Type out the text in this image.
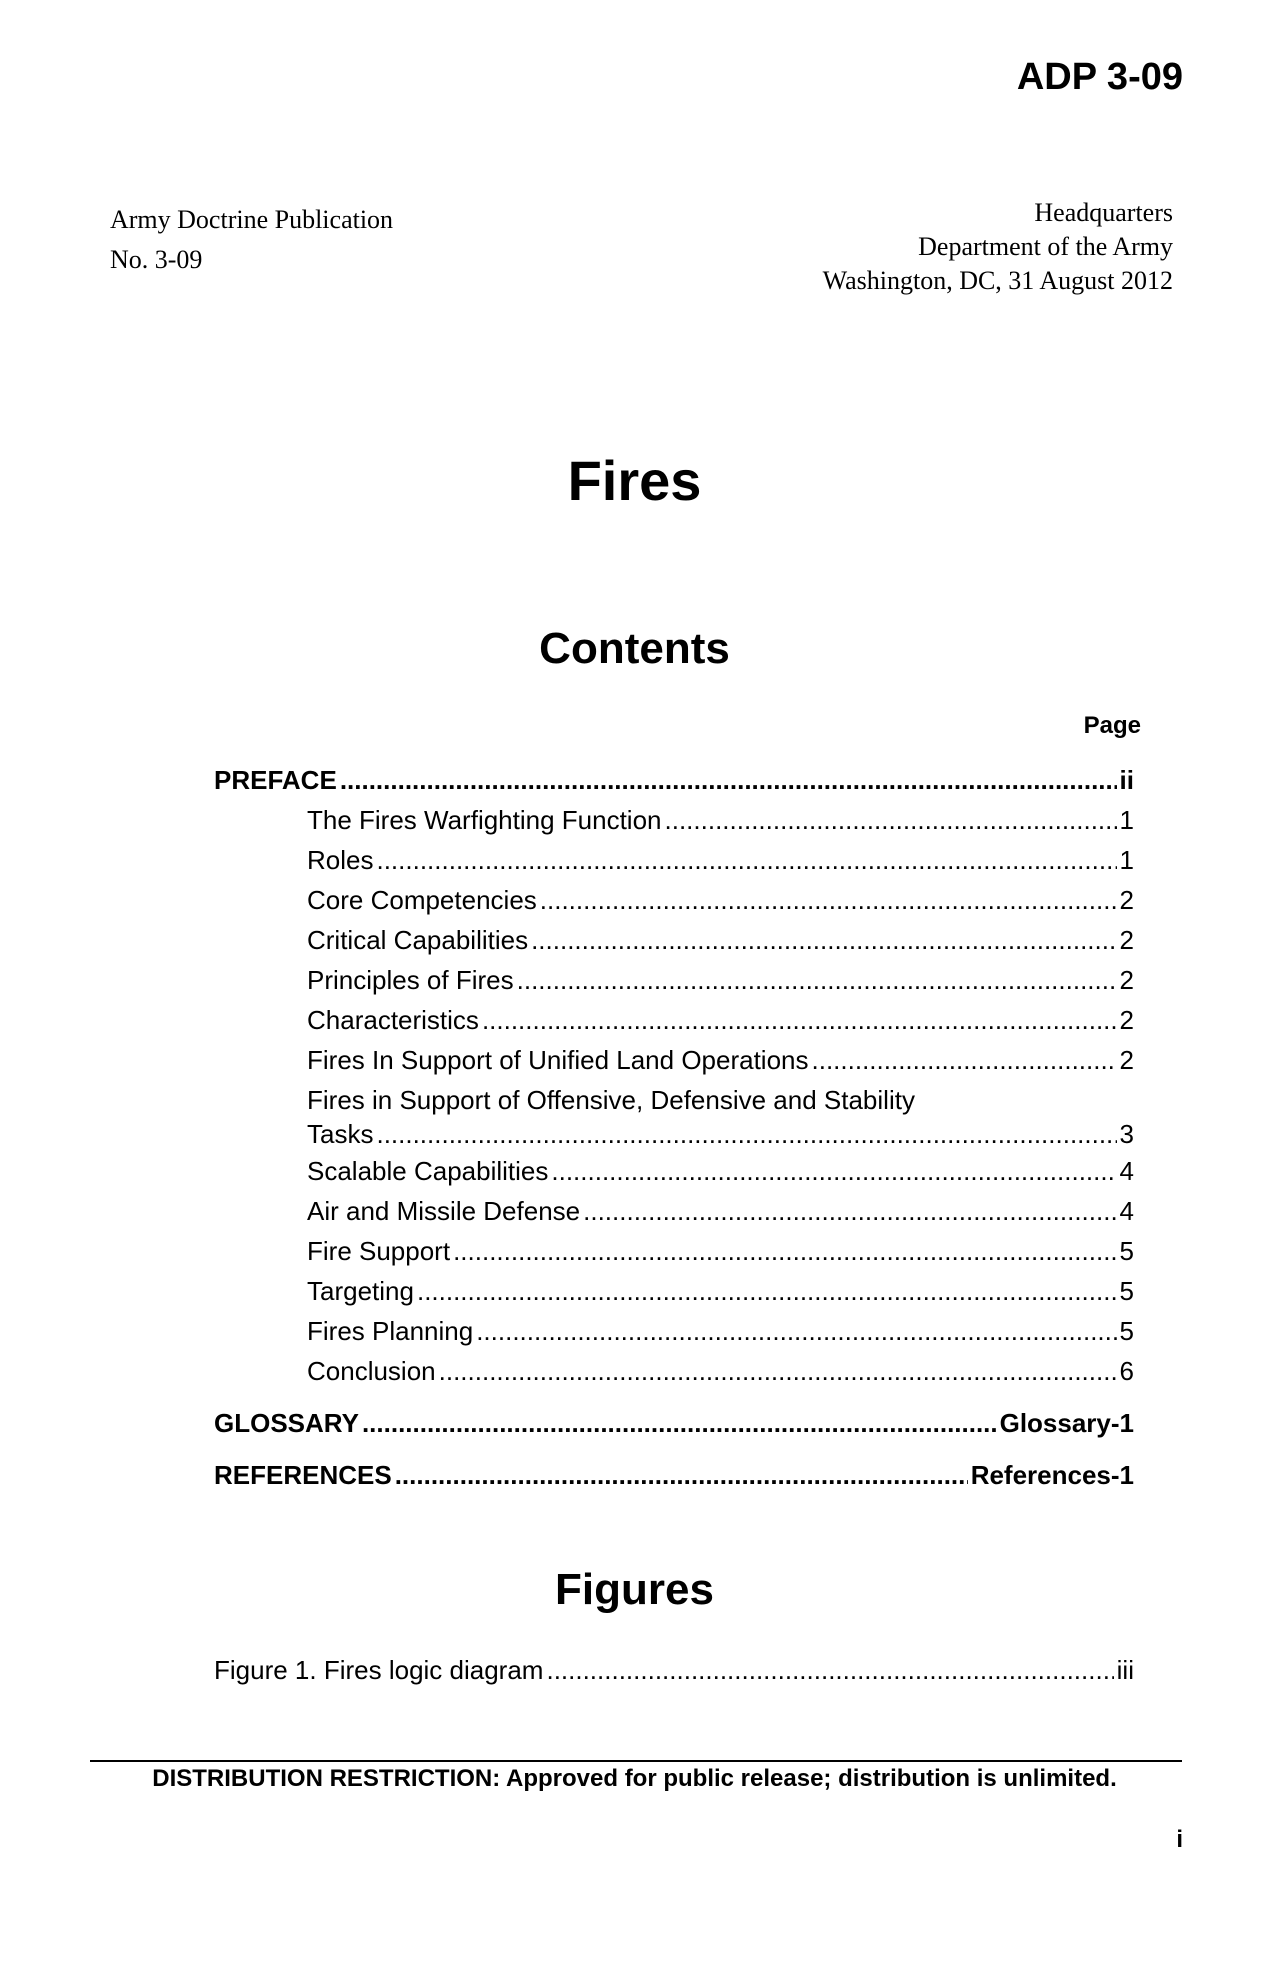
ADP 3-09
Army Doctrine Publication
No. 3-09
Headquarters
Department of the Army
Washington, DC, 31 August 2012
Fires
Contents
Page
PREFACE .....	ii
The Fires Warfighting Function .....	1
Roles .....	1
Core Competencies .....	2
Critical Capabilities .....	2
Principles of Fires .....	2
Characteristics .....	2
Fires In Support of Unified Land Operations .....	2
Fires in Support of Offensive, Defensive and Stability
Tasks .....	3
Scalable Capabilities .....	4
Air and Missile Defense .....	4
Fire Support .....	5
Targeting .....	5
Fires Planning .....	5
Conclusion .....	6
GLOSSARY .....	Glossary-1
REFERENCES .....	References-1
Figures
Figure 1. Fires logic diagram .....	iii
DISTRIBUTION RESTRICTION: Approved for public release; distribution is unlimited.
i
